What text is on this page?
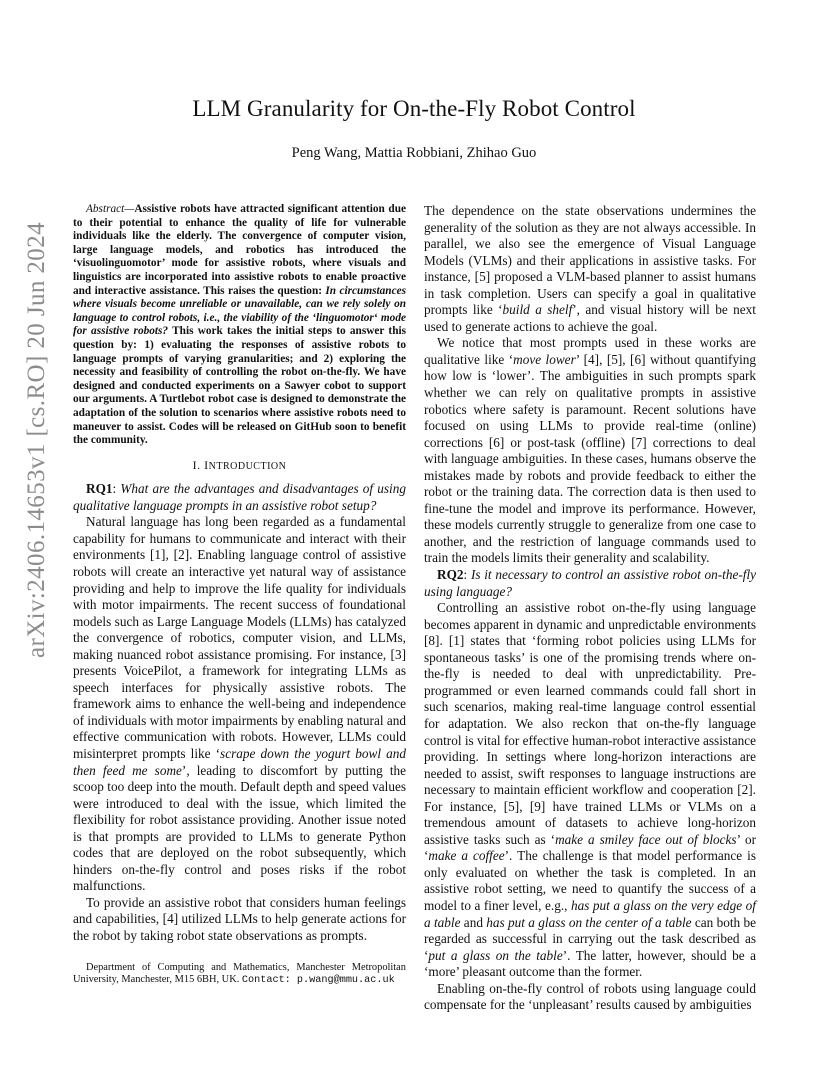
arXiv:2406.14653v1 [cs.RO] 20 Jun 2024
LLM Granularity for On-the-Fly Robot Control
Peng Wang, Mattia Robbiani, Zhihao Guo

Abstract—Assistive robots have attracted significant attention due to their potential to enhance the quality of life for vulnerable individuals like the elderly. The convergence of computer vision, large language models, and robotics has introduced the ‘visuolinguomotor’ mode for assistive robots, where visuals and linguistics are incorporated into assistive robots to enable proactive and interactive assistance. This raises the question: In circumstances where visuals become unreliable or unavailable, can we rely solely on language to control robots, i.e., the viability of the ‘linguomotor‘ mode for assistive robots? This work takes the initial steps to answer this question by: 1) evaluating the responses of assistive robots to language prompts of varying granularities; and 2) exploring the necessity and feasibility of controlling the robot on-the-fly. We have designed and conducted experiments on a Sawyer cobot to support our arguments. A Turtlebot robot case is designed to demonstrate the adaptation of the solution to scenarios where assistive robots need to maneuver to assist. Codes will be released on GitHub soon to benefit the community.

I. INTRODUCTION

RQ1: What are the advantages and disadvantages of using qualitative language prompts in an assistive robot setup?

Natural language has long been regarded as a fundamental capability for humans to communicate and interact with their environments [1], [2]. Enabling language control of assistive robots will create an interactive yet natural way of assistance providing and help to improve the life quality for individuals with motor impairments. The recent success of foundational models such as Large Language Models (LLMs) has catalyzed the convergence of robotics, computer vision, and LLMs, making nuanced robot assistance promising. For instance, [3] presents VoicePilot, a framework for integrating LLMs as speech interfaces for physically assistive robots. The framework aims to enhance the well-being and independence of individuals with motor impairments by enabling natural and effective communication with robots. However, LLMs could misinterpret prompts like ‘scrape down the yogurt bowl and then feed me some’, leading to discomfort by putting the scoop too deep into the mouth. Default depth and speed values were introduced to deal with the issue, which limited the flexibility for robot assistance providing. Another issue noted is that prompts are provided to LLMs to generate Python codes that are deployed on the robot subsequently, which hinders on-the-fly control and poses risks if the robot malfunctions.

To provide an assistive robot that considers human feelings and capabilities, [4] utilized LLMs to help generate actions for the robot by taking robot state observations as prompts.

Department of Computing and Mathematics, Manchester Metropolitan University, Manchester, M15 6BH, UK. Contact: p.wang@mmu.ac.uk

The dependence on the state observations undermines the generality of the solution as they are not always accessible. In parallel, we also see the emergence of Visual Language Models (VLMs) and their applications in assistive tasks. For instance, [5] proposed a VLM-based planner to assist humans in task completion. Users can specify a goal in qualitative prompts like ‘build a shelf’, and visual history will be next used to generate actions to achieve the goal.

We notice that most prompts used in these works are qualitative like ‘move lower’ [4], [5], [6] without quantifying how low is ‘lower’. The ambiguities in such prompts spark whether we can rely on qualitative prompts in assistive robotics where safety is paramount. Recent solutions have focused on using LLMs to provide real-time (online) corrections [6] or post-task (offline) [7] corrections to deal with language ambiguities. In these cases, humans observe the mistakes made by robots and provide feedback to either the robot or the training data. The correction data is then used to fine-tune the model and improve its performance. However, these models currently struggle to generalize from one case to another, and the restriction of language commands used to train the models limits their generality and scalability.

RQ2: Is it necessary to control an assistive robot on-the-fly using language?

Controlling an assistive robot on-the-fly using language becomes apparent in dynamic and unpredictable environments [8]. [1] states that ‘forming robot policies using LLMs for spontaneous tasks’ is one of the promising trends where on-the-fly is needed to deal with unpredictability. Pre-programmed or even learned commands could fall short in such scenarios, making real-time language control essential for adaptation. We also reckon that on-the-fly language control is vital for effective human-robot interactive assistance providing. In settings where long-horizon interactions are needed to assist, swift responses to language instructions are necessary to maintain efficient workflow and cooperation [2]. For instance, [5], [9] have trained LLMs or VLMs on a tremendous amount of datasets to achieve long-horizon assistive tasks such as ‘make a smiley face out of blocks’ or ‘make a coffee’. The challenge is that model performance is only evaluated on whether the task is completed. In an assistive robot setting, we need to quantify the success of a model to a finer level, e.g., has put a glass on the very edge of a table and has put a glass on the center of a table can both be regarded as successful in carrying out the task described as ‘put a glass on the table’. The latter, however, should be a ‘more’ pleasant outcome than the former.

Enabling on-the-fly control of robots using language could compensate for the ‘unpleasant’ results caused by ambiguities
